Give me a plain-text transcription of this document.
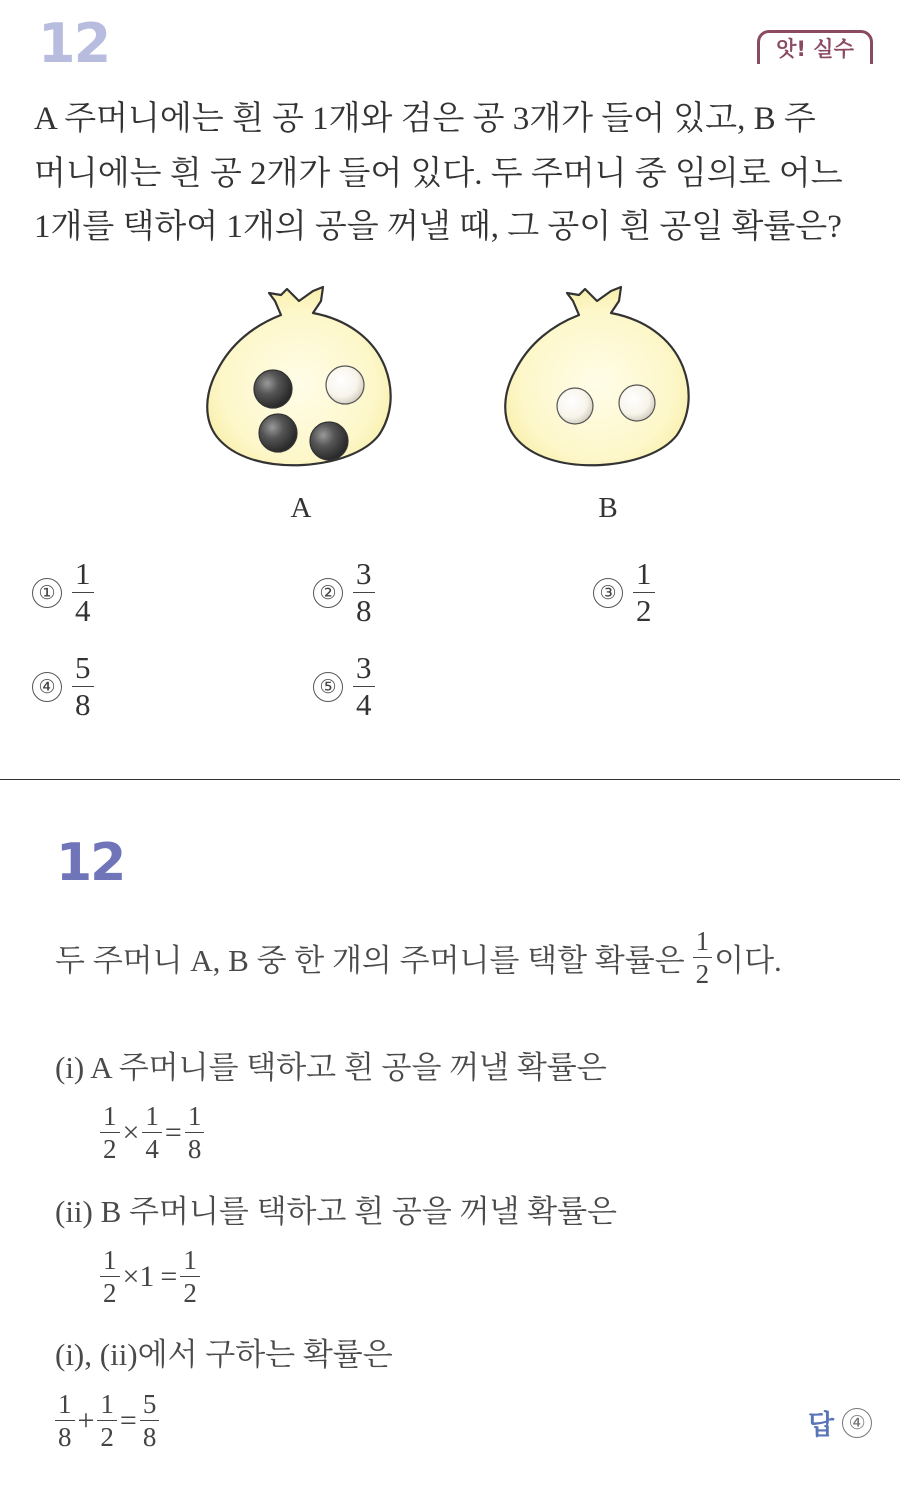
12	앗! 실수
A 주머니에는 흰 공 1개와 검은 공 3개가 들어 있고, B 주
머니에는 흰 공 2개가 들어 있다. 두 주머니 중 임의로 어느
1개를 택하여 1개의 공을 꺼낼 때, 그 공이 흰 공일 확률은?
A	B
① $\frac{1}{4}$	② $\frac{3}{8}$	③ $\frac{1}{2}$
④ $\frac{5}{8}$	⑤ $\frac{3}{4}$
12
두 주머니 A, B 중 한 개의 주머니를 택할 확률은 $\frac{1}{2}$ 이다.
(i) A 주머니를 택하고 흰 공을 꺼낼 확률은
$\frac{1}{2} \times \frac{1}{4} = \frac{1}{8}$
(ii) B 주머니를 택하고 흰 공을 꺼낼 확률은
$\frac{1}{2} \times 1 = \frac{1}{2}$
(i), (ii)에서 구하는 확률은
$\frac{1}{8} + \frac{1}{2} = \frac{5}{8}$	답 ④
